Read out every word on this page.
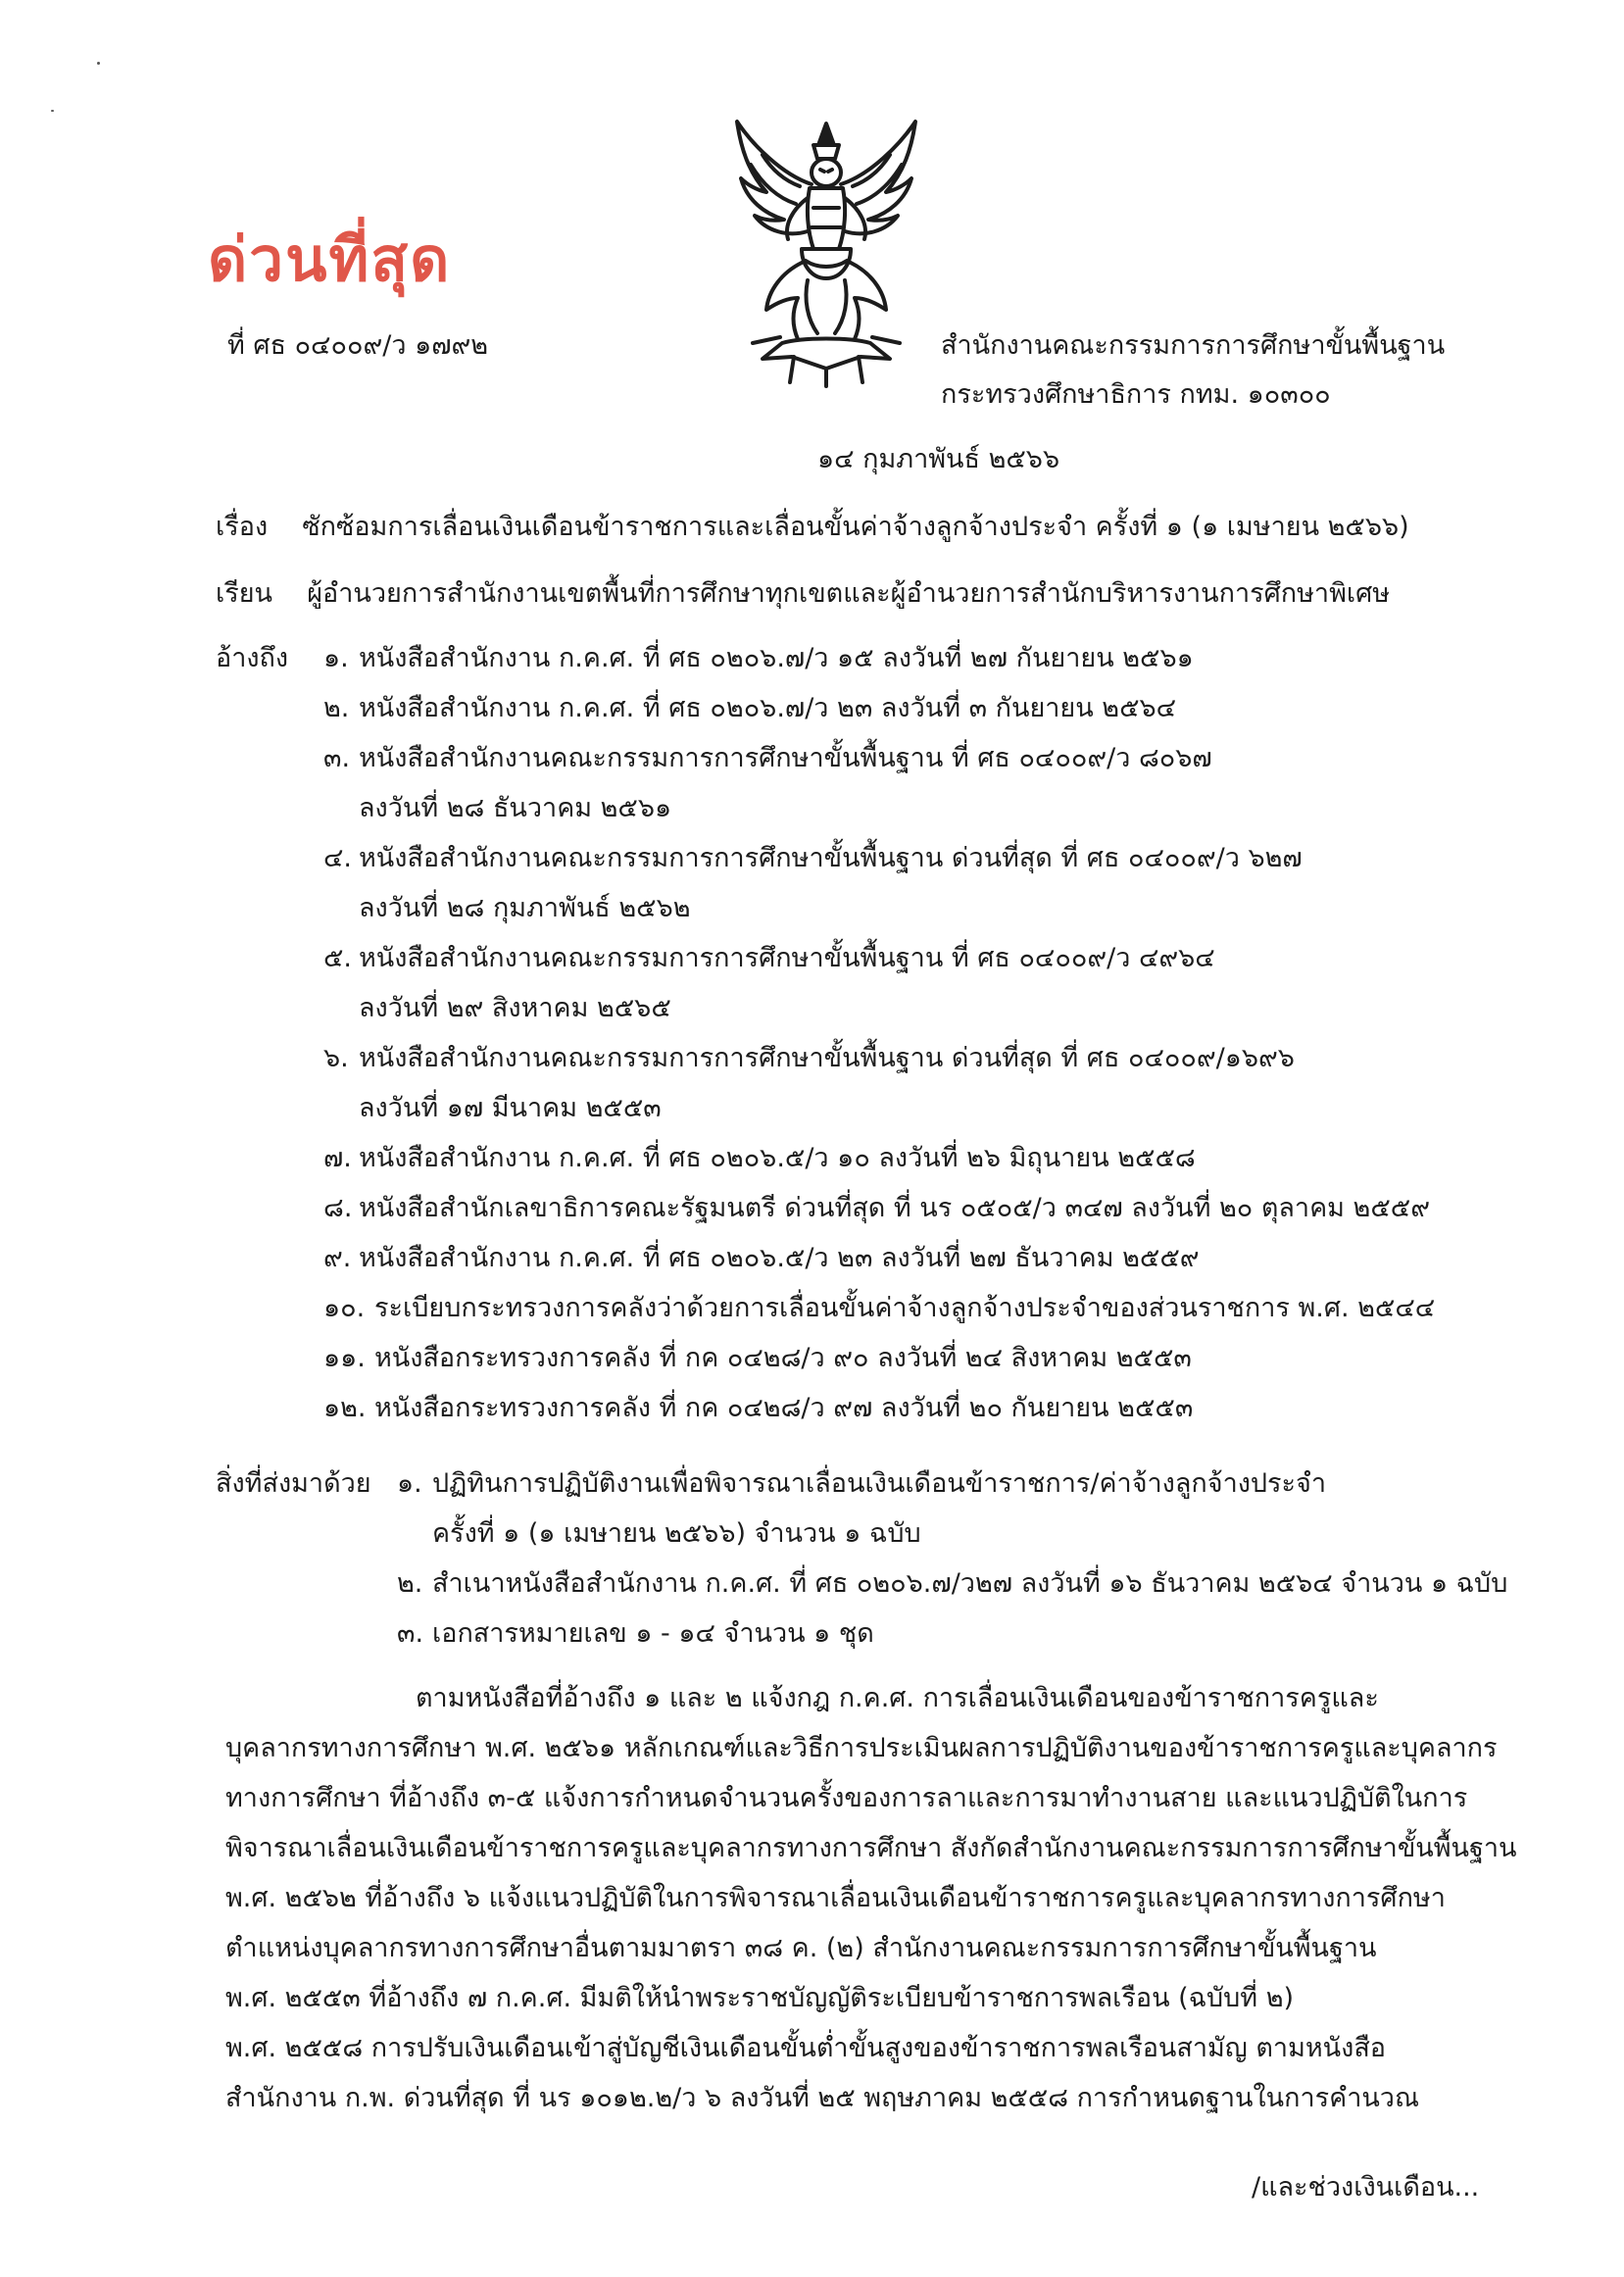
ด่วนที่สุด
ที่ ศธ ๐๔๐๐๙/ว ๑๗๙๒	สำนักงานคณะกรรมการการศึกษาขั้นพื้นฐาน
กระทรวงศึกษาธิการ กทม. ๑๐๓๐๐
๑๔ กุมภาพันธ์ ๒๕๖๖
เรื่อง ซักซ้อมการเลื่อนเงินเดือนข้าราชการและเลื่อนขั้นค่าจ้างลูกจ้างประจำ ครั้งที่ ๑ (๑ เมษายน ๒๕๖๖)
เรียน ผู้อำนวยการสำนักงานเขตพื้นที่การศึกษาทุกเขตและผู้อำนวยการสำนักบริหารงานการศึกษาพิเศษ
อ้างถึง ๑. หนังสือสำนักงาน ก.ค.ศ. ที่ ศธ ๐๒๐๖.๗/ว ๑๕ ลงวันที่ ๒๗ กันยายน ๒๕๖๑
๒. หนังสือสำนักงาน ก.ค.ศ. ที่ ศธ ๐๒๐๖.๗/ว ๒๓ ลงวันที่ ๓ กันยายน ๒๕๖๔
๓. หนังสือสำนักงานคณะกรรมการการศึกษาขั้นพื้นฐาน ที่ ศธ ๐๔๐๐๙/ว ๘๐๖๗
ลงวันที่ ๒๘ ธันวาคม ๒๕๖๑
๔. หนังสือสำนักงานคณะกรรมการการศึกษาขั้นพื้นฐาน ด่วนที่สุด ที่ ศธ ๐๔๐๐๙/ว ๖๒๗
ลงวันที่ ๒๘ กุมภาพันธ์ ๒๕๖๒
๕. หนังสือสำนักงานคณะกรรมการการศึกษาขั้นพื้นฐาน ที่ ศธ ๐๔๐๐๙/ว ๔๙๖๔
ลงวันที่ ๒๙ สิงหาคม ๒๕๖๕
๖. หนังสือสำนักงานคณะกรรมการการศึกษาขั้นพื้นฐาน ด่วนที่สุด ที่ ศธ ๐๔๐๐๙/๑๖๙๖
ลงวันที่ ๑๗ มีนาคม ๒๕๕๓
๗. หนังสือสำนักงาน ก.ค.ศ. ที่ ศธ ๐๒๐๖.๕/ว ๑๐ ลงวันที่ ๒๖ มิถุนายน ๒๕๕๘
๘. หนังสือสำนักเลขาธิการคณะรัฐมนตรี ด่วนที่สุด ที่ นร ๐๕๐๕/ว ๓๔๗ ลงวันที่ ๒๐ ตุลาคม ๒๕๕๙
๙. หนังสือสำนักงาน ก.ค.ศ. ที่ ศธ ๐๒๐๖.๕/ว ๒๓ ลงวันที่ ๒๗ ธันวาคม ๒๕๕๙
๑๐. ระเบียบกระทรวงการคลังว่าด้วยการเลื่อนขั้นค่าจ้างลูกจ้างประจำของส่วนราชการ พ.ศ. ๒๕๔๔
๑๑. หนังสือกระทรวงการคลัง ที่ กค ๐๔๒๘/ว ๙๐ ลงวันที่ ๒๔ สิงหาคม ๒๕๕๓
๑๒. หนังสือกระทรวงการคลัง ที่ กค ๐๔๒๘/ว ๙๗ ลงวันที่ ๒๐ กันยายน ๒๕๕๓
สิ่งที่ส่งมาด้วย ๑. ปฏิทินการปฏิบัติงานเพื่อพิจารณาเลื่อนเงินเดือนข้าราชการ/ค่าจ้างลูกจ้างประจำ
ครั้งที่ ๑ (๑ เมษายน ๒๕๖๖) จำนวน ๑ ฉบับ
๒. สำเนาหนังสือสำนักงาน ก.ค.ศ. ที่ ศธ ๐๒๐๖.๗/ว๒๗ ลงวันที่ ๑๖ ธันวาคม ๒๕๖๔ จำนวน ๑ ฉบับ
๓. เอกสารหมายเลข ๑ - ๑๔ จำนวน ๑ ชุด
ตามหนังสือที่อ้างถึง ๑ และ ๒ แจ้งกฎ ก.ค.ศ. การเลื่อนเงินเดือนของข้าราชการครูและ
บุคลากรทางการศึกษา พ.ศ. ๒๕๖๑ หลักเกณฑ์และวิธีการประเมินผลการปฏิบัติงานของข้าราชการครูและบุคลากร
ทางการศึกษา ที่อ้างถึง ๓-๕ แจ้งการกำหนดจำนวนครั้งของการลาและการมาทำงานสาย และแนวปฏิบัติในการ
พิจารณาเลื่อนเงินเดือนข้าราชการครูและบุคลากรทางการศึกษา สังกัดสำนักงานคณะกรรมการการศึกษาขั้นพื้นฐาน
พ.ศ. ๒๕๖๒ ที่อ้างถึง ๖ แจ้งแนวปฏิบัติในการพิจารณาเลื่อนเงินเดือนข้าราชการครูและบุคลากรทางการศึกษา
ตำแหน่งบุคลากรทางการศึกษาอื่นตามมาตรา ๓๘ ค. (๒) สำนักงานคณะกรรมการการศึกษาขั้นพื้นฐาน
พ.ศ. ๒๕๕๓ ที่อ้างถึง ๗ ก.ค.ศ. มีมติให้นำพระราชบัญญัติระเบียบข้าราชการพลเรือน (ฉบับที่ ๒)
พ.ศ. ๒๕๕๘ การปรับเงินเดือนเข้าสู่บัญชีเงินเดือนขั้นต่ำขั้นสูงของข้าราชการพลเรือนสามัญ ตามหนังสือ
สำนักงาน ก.พ. ด่วนที่สุด ที่ นร ๑๐๑๒.๒/ว ๖ ลงวันที่ ๒๕ พฤษภาคม ๒๕๕๘ การกำหนดฐานในการคำนวณ
/และช่วงเงินเดือน...
